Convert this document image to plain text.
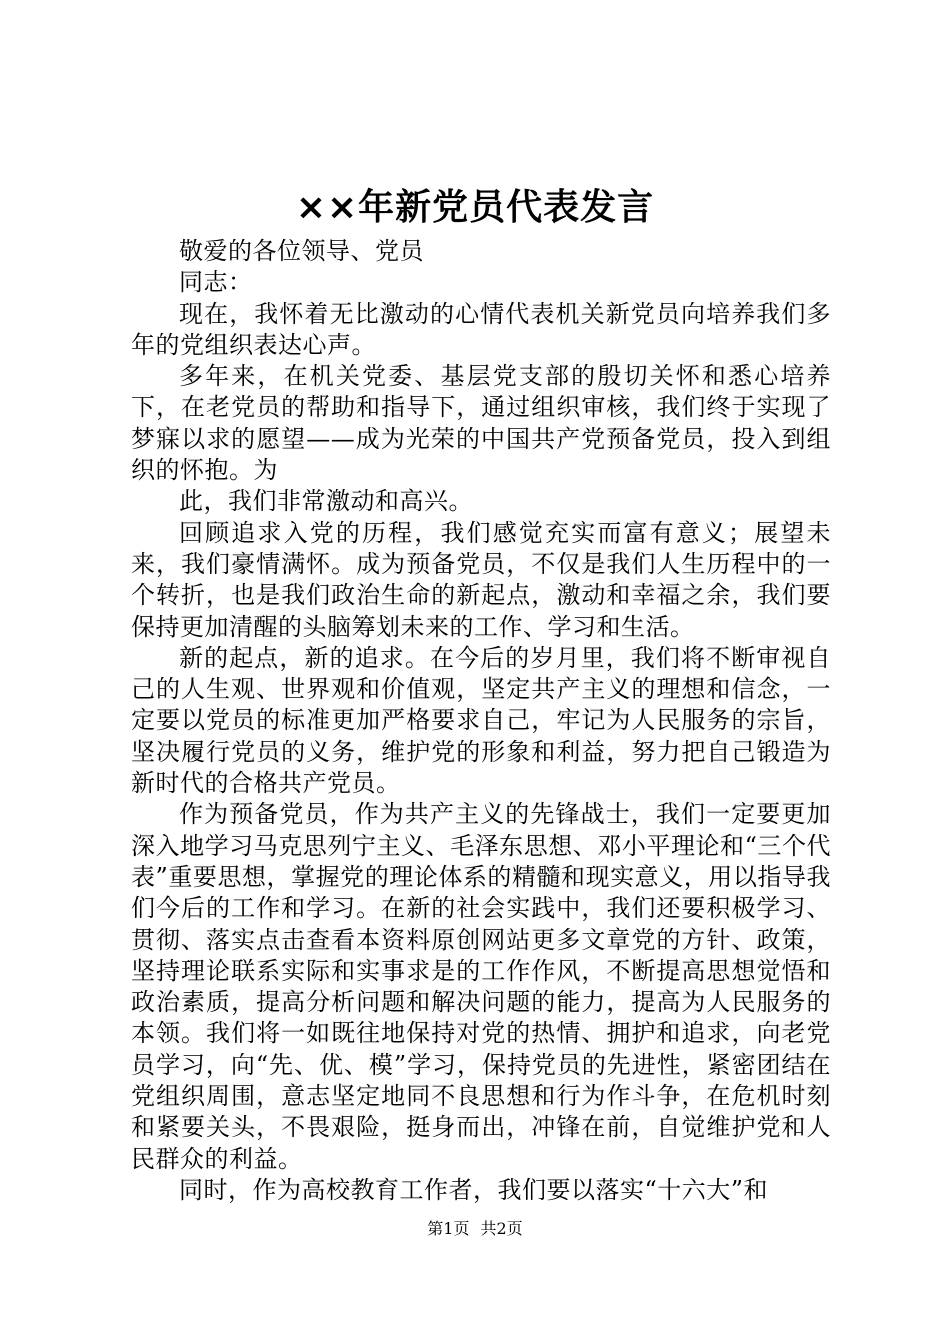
××年新党员代表发言

敬爱的各位领导、党员

同志：

现在，我怀着无比激动的心情代表机关新党员向培养我们多年的党组织表达心声。

多年来，在机关党委、基层党支部的殷切关怀和悉心培养下，在老党员的帮助和指导下，通过组织审核，我们终于实现了梦寐以求的愿望——成为光荣的中国共产党预备党员，投入到组织的怀抱。为

此，我们非常激动和高兴。

回顾追求入党的历程，我们感觉充实而富有意义；展望未来，我们豪情满怀。成为预备党员，不仅是我们人生历程中的一个转折，也是我们政治生命的新起点，激动和幸福之余，我们要保持更加清醒的头脑筹划未来的工作、学习和生活。

新的起点，新的追求。在今后的岁月里，我们将不断审视自己的人生观、世界观和价值观，坚定共产主义的理想和信念，一定要以党员的标准更加严格要求自己，牢记为人民服务的宗旨，坚决履行党员的义务，维护党的形象和利益，努力把自己锻造为新时代的合格共产党员。

作为预备党员，作为共产主义的先锋战士，我们一定要更加深入地学习马克思列宁主义、毛泽东思想、邓小平理论和“三个代表”重要思想，掌握党的理论体系的精髓和现实意义，用以指导我们今后的工作和学习。在新的社会实践中，我们还要积极学习、贯彻、落实点击查看本资料原创网站更多文章党的方针、政策，坚持理论联系实际和实事求是的工作作风，不断提高思想觉悟和政治素质，提高分析问题和解决问题的能力，提高为人民服务的本领。我们将一如既往地保持对党的热情、拥护和追求，向老党员学习，向“先、优、模”学习，保持党员的先进性，紧密团结在党组织周围，意志坚定地同不良思想和行为作斗争，在危机时刻和紧要关头，不畏艰险，挺身而出，冲锋在前，自觉维护党和人民群众的利益。

同时，作为高校教育工作者，我们要以落实“十六大”和

第1页 共2页
